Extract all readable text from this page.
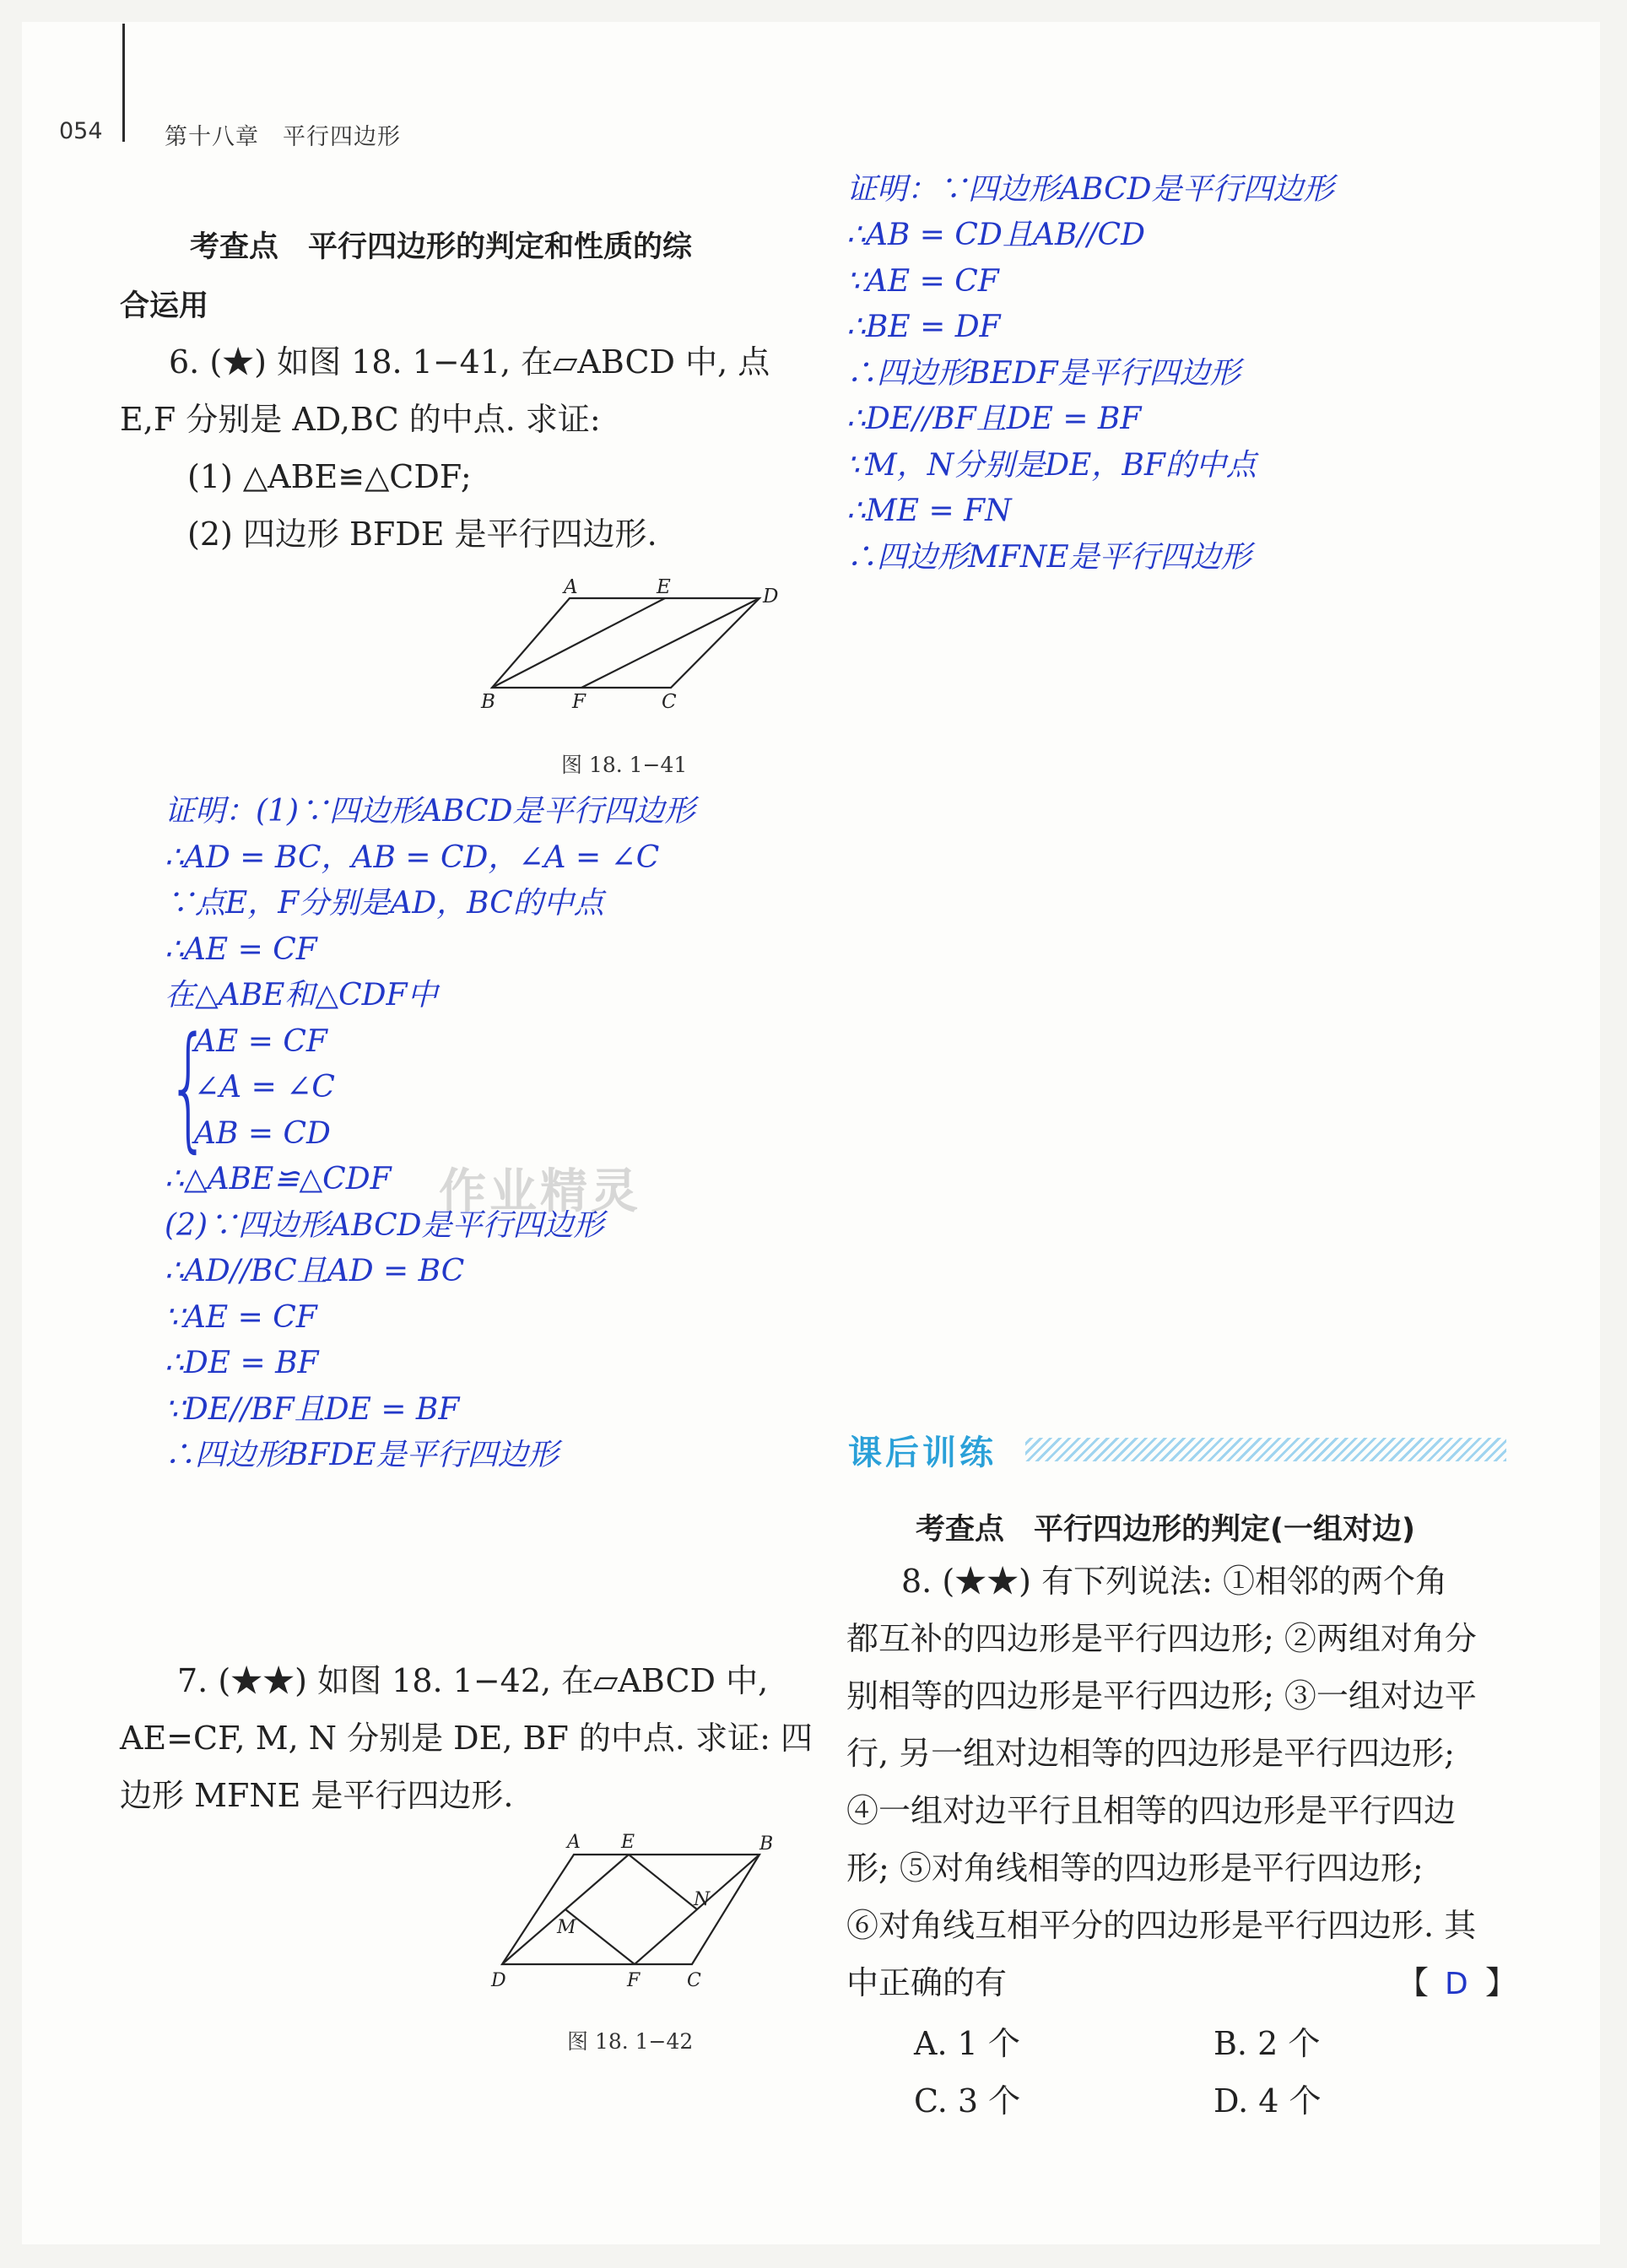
054	第十八章　平行四边形
考查点　平行四边形的判定和性质的综
合运用
6. (★) 如图 18. 1−41, 在▱ABCD 中, 点
E,F 分别是 AD,BC 的中点. 求证:
(1) △ABE≌△CDF;
(2) 四边形 BFDE 是平行四边形.
A	E	D
B	F	C
图 18. 1−41
证明：(1)∵四边形ABCD是平行四边形
∴AD = BC，AB = CD，∠A = ∠C
∵点E，F分别是AD，BC的中点
∴AE = CF
在△ABE和△CDF中
{
AE = CF
∠A = ∠C
AB = CD
∴△ABE≌△CDF
(2)∵四边形ABCD是平行四边形
∴AD//BC且AD = BC
∵AE = CF
∴DE = BF
∵DE//BF且DE = BF
∴四边形BFDE是平行四边形
作业精灵
7. (★★) 如图 18. 1−42, 在▱ABCD 中,
AE=CF, M, N 分别是 DE, BF 的中点. 求证: 四
边形 MFNE 是平行四边形.
A E	B
N
M
D	F	C
图 18. 1−42
证明：∵四边形ABCD是平行四边形
∴AB = CD且AB//CD
∵AE = CF
∴BE = DF
∴四边形BEDF是平行四边形
∴DE//BF且DE = BF
∵M，N分别是DE，BF的中点
∴ME = FN
∴四边形MFNE是平行四边形
课后训练
考查点　平行四边形的判定(一组对边)
8. (★★) 有下列说法: ①相邻的两个角
都互补的四边形是平行四边形; ②两组对角分
别相等的四边形是平行四边形; ③一组对边平
行, 另一组对边相等的四边形是平行四边形;
④一组对边平行且相等的四边形是平行四边
形; ⑤对角线相等的四边形是平行四边形;
⑥对角线互相平分的四边形是平行四边形. 其
中正确的有	【 D 】
A. 1 个	B. 2 个
C. 3 个	D. 4 个
